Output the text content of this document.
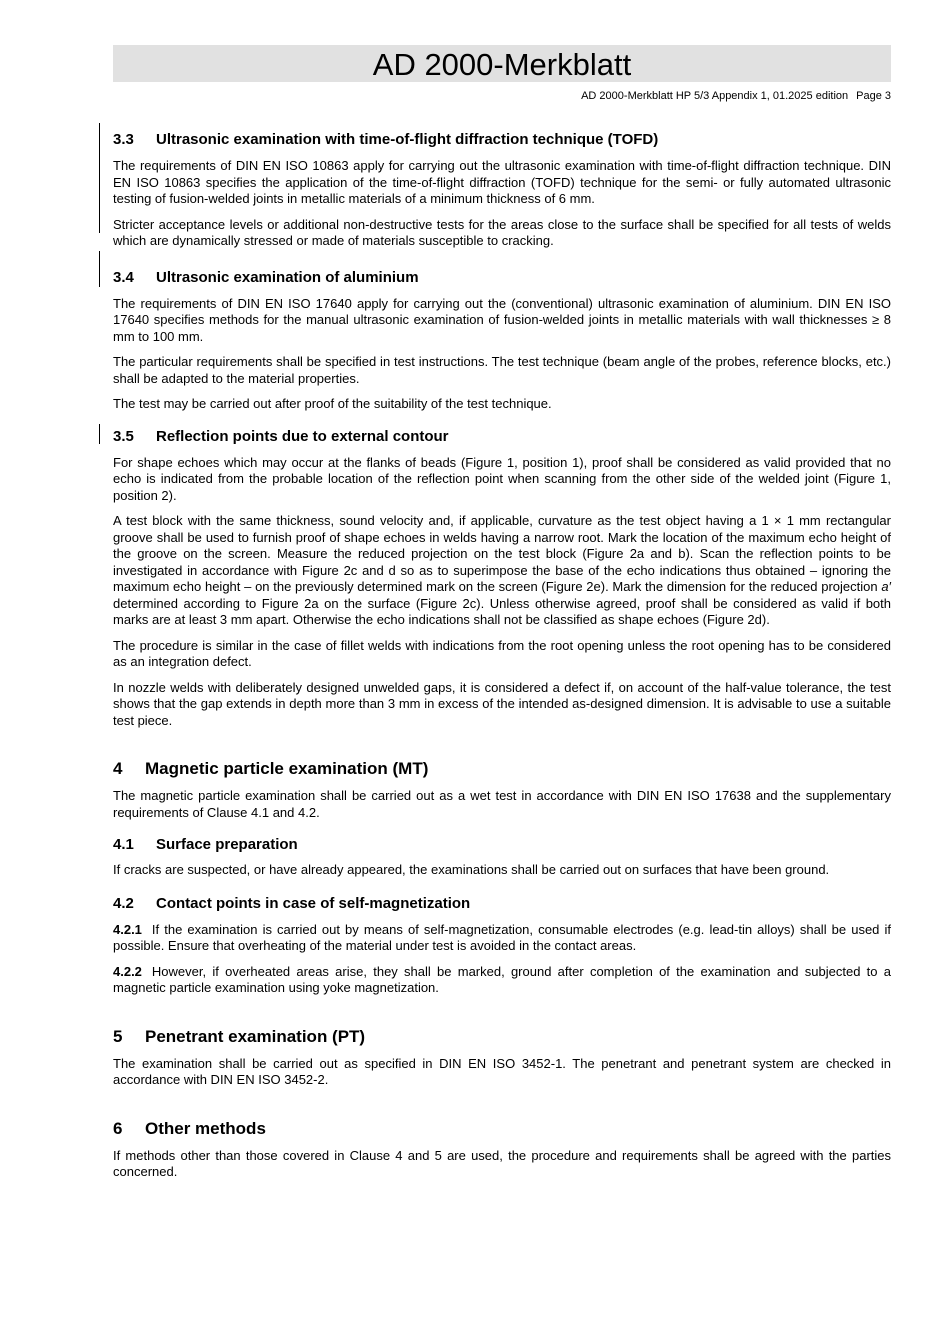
AD 2000-Merkblatt
AD 2000-Merkblatt HP 5/3 Appendix 1, 01.2025 edition Page 3
3.3 Ultrasonic examination with time-of-flight diffraction technique (TOFD)

The requirements of DIN EN ISO 10863 apply for carrying out the ultrasonic examination with time-of-flight diffraction technique. DIN EN ISO 10863 specifies the application of the time-of-flight diffraction (TOFD) technique for the semi- or fully automated ultrasonic testing of fusion-welded joints in metallic materials of a minimum thickness of 6 mm.

Stricter acceptance levels or additional non-destructive tests for the areas close to the surface shall be specified for all tests of welds which are dynamically stressed or made of materials susceptible to cracking.

3.4 Ultrasonic examination of aluminium

The requirements of DIN EN ISO 17640 apply for carrying out the (conventional) ultrasonic examination of aluminium. DIN EN ISO 17640 specifies methods for the manual ultrasonic examination of fusion-welded joints in metallic materials with wall thicknesses ≥ 8 mm to 100 mm.

The particular requirements shall be specified in test instructions. The test technique (beam angle of the probes, reference blocks, etc.) shall be adapted to the material properties.

The test may be carried out after proof of the suitability of the test technique.

3.5 Reflection points due to external contour

For shape echoes which may occur at the flanks of beads (Figure 1, position 1), proof shall be considered as valid provided that no echo is indicated from the probable location of the reflection point when scanning from the other side of the welded joint (Figure 1, position 2).

A test block with the same thickness, sound velocity and, if applicable, curvature as the test object having a 1 × 1 mm rectangular groove shall be used to furnish proof of shape echoes in welds having a narrow root. Mark the location of the maximum echo height of the groove on the screen. Measure the reduced projection on the test block (Figure 2a and b). Scan the reflection points to be investigated in accordance with Figure 2c and d so as to superimpose the base of the echo indications thus obtained – ignoring the maximum echo height – on the previously determined mark on the screen (Figure 2e). Mark the dimension for the reduced projection a′ determined according to Figure 2a on the surface (Figure 2c). Unless otherwise agreed, proof shall be considered as valid if both marks are at least 3 mm apart. Otherwise the echo indications shall not be classified as shape echoes (Figure 2d).

The procedure is similar in the case of fillet welds with indications from the root opening unless the root opening has to be considered as an integration defect.

In nozzle welds with deliberately designed unwelded gaps, it is considered a defect if, on account of the half-value tolerance, the test shows that the gap extends in depth more than 3 mm in excess of the intended as-designed dimension. It is advisable to use a suitable test piece.

4 Magnetic particle examination (MT)

The magnetic particle examination shall be carried out as a wet test in accordance with DIN EN ISO 17638 and the supplementary requirements of Clause 4.1 and 4.2.

4.1 Surface preparation

If cracks are suspected, or have already appeared, the examinations shall be carried out on surfaces that have been ground.

4.2 Contact points in case of self-magnetization

4.2.1 If the examination is carried out by means of self-magnetization, consumable electrodes (e.g. lead-tin alloys) shall be used if possible. Ensure that overheating of the material under test is avoided in the contact areas.

4.2.2 However, if overheated areas arise, they shall be marked, ground after completion of the examination and subjected to a magnetic particle examination using yoke magnetization.

5 Penetrant examination (PT)

The examination shall be carried out as specified in DIN EN ISO 3452-1. The penetrant and penetrant system are checked in accordance with DIN EN ISO 3452-2.

6 Other methods

If methods other than those covered in Clause 4 and 5 are used, the procedure and requirements shall be agreed with the parties concerned.
